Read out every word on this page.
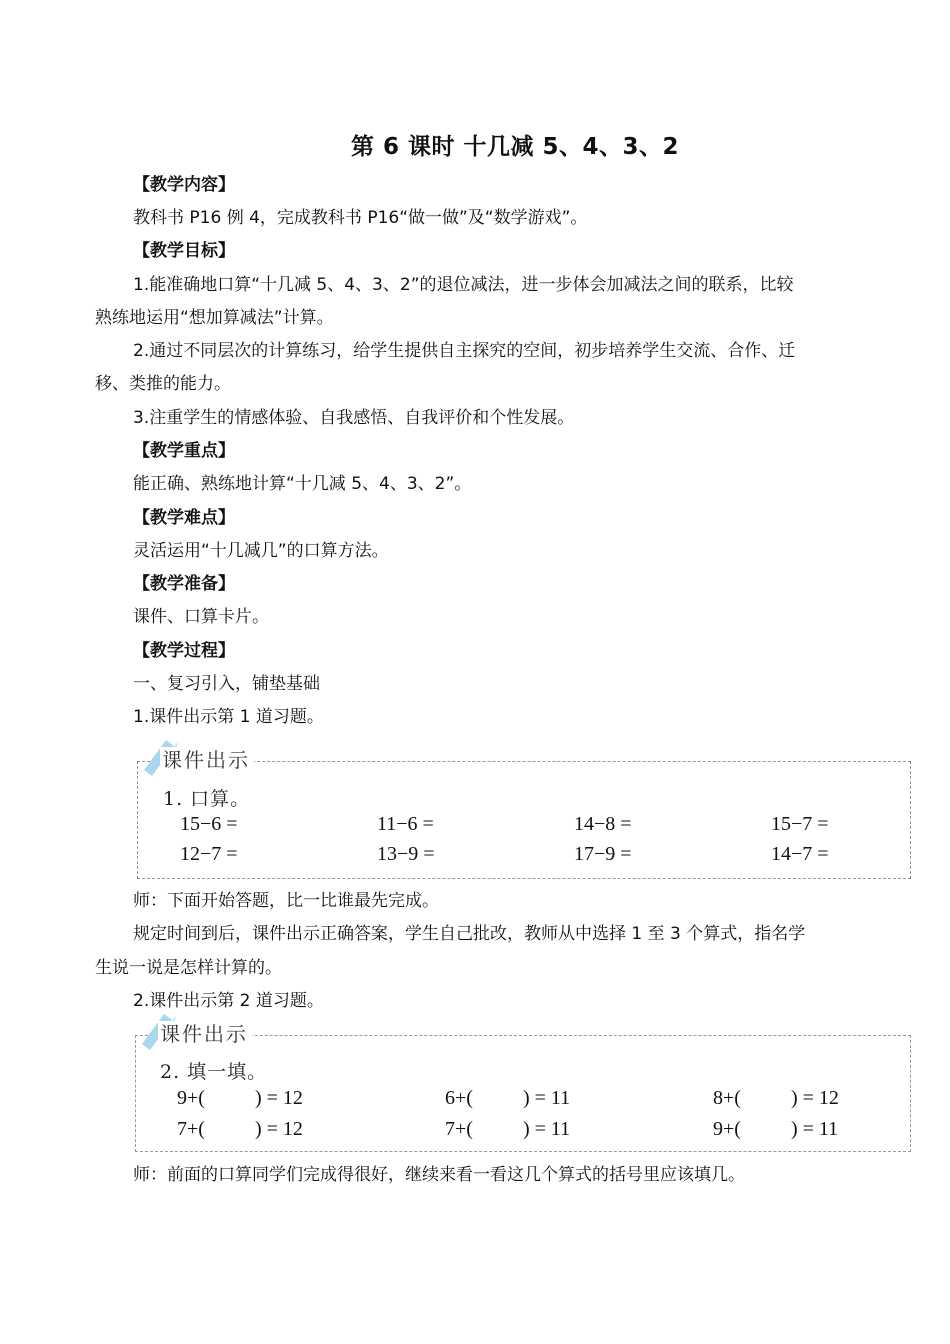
第 6 课时 十几减 5、4、3、2
【教学内容】
教科书 P16 例 4，完成教科书 P16“做一做”及“数学游戏”。
【教学目标】
1.能准确地口算“十几减 5、4、3、2”的退位减法，进一步体会加减法之间的联系，比较
熟练地运用“想加算减法”计算。
2.通过不同层次的计算练习，给学生提供自主探究的空间，初步培养学生交流、合作、迁
移、类推的能力。
3.注重学生的情感体验、自我感悟、自我评价和个性发展。
【教学重点】
能正确、熟练地计算“十几减 5、4、3、2”。
【教学难点】
灵活运用“十几减几”的口算方法。
【教学准备】
课件、口算卡片。
【教学过程】
一、复习引入，铺垫基础
1.课件出示第 1 道习题。
课件出示
1. 口算。
15−6 =	11−6 =	14−8 =	15−7 =
12−7 =	13−9 =	17−9 =	14−7 =
师：下面开始答题，比一比谁最先完成。
规定时间到后，课件出示正确答案，学生自己批改，教师从中选择 1 至 3 个算式，指名学
生说一说是怎样计算的。
2.课件出示第 2 道习题。
课件出示
2. 填一填。
9+(          ) = 12	6+(          ) = 11	8+(          ) = 12
7+(          ) = 12	7+(          ) = 11	9+(          ) = 11
师：前面的口算同学们完成得很好，继续来看一看这几个算式的括号里应该填几。
